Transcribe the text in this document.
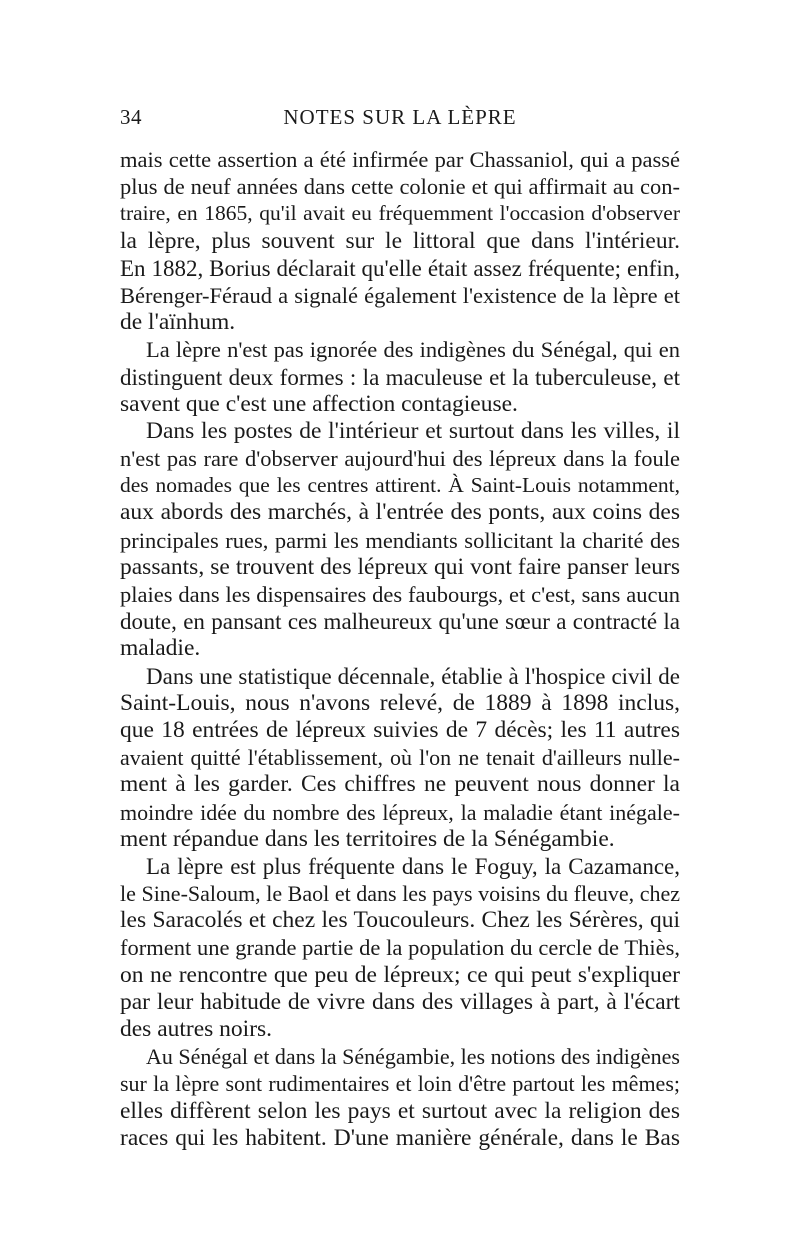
34	NOTES SUR LA LÈPRE
mais cette assertion a été infirmée par Chassaniol, qui a passé
plus de neuf années dans cette colonie et qui affirmait au con-
traire, en 1865, qu'il avait eu fréquemment l'occasion d'observer
la lèpre, plus souvent sur le littoral que dans l'intérieur.
En 1882, Borius déclarait qu'elle était assez fréquente; enfin,
Bérenger-Féraud a signalé également l'existence de la lèpre et
de l'aïnhum.
La lèpre n'est pas ignorée des indigènes du Sénégal, qui en
distinguent deux formes : la maculeuse et la tuberculeuse, et
savent que c'est une affection contagieuse.
Dans les postes de l'intérieur et surtout dans les villes, il
n'est pas rare d'observer aujourd'hui des lépreux dans la foule
des nomades que les centres attirent. À Saint-Louis notamment,
aux abords des marchés, à l'entrée des ponts, aux coins des
principales rues, parmi les mendiants sollicitant la charité des
passants, se trouvent des lépreux qui vont faire panser leurs
plaies dans les dispensaires des faubourgs, et c'est, sans aucun
doute, en pansant ces malheureux qu'une sœur a contracté la
maladie.
Dans une statistique décennale, établie à l'hospice civil de
Saint-Louis, nous n'avons relevé, de 1889 à 1898 inclus,
que 18 entrées de lépreux suivies de 7 décès; les 11 autres
avaient quitté l'établissement, où l'on ne tenait d'ailleurs nulle-
ment à les garder. Ces chiffres ne peuvent nous donner la
moindre idée du nombre des lépreux, la maladie étant inégale-
ment répandue dans les territoires de la Sénégambie.
La lèpre est plus fréquente dans le Foguy, la Cazamance,
le Sine-Saloum, le Baol et dans les pays voisins du fleuve, chez
les Saracolés et chez les Toucouleurs. Chez les Sérères, qui
forment une grande partie de la population du cercle de Thiès,
on ne rencontre que peu de lépreux; ce qui peut s'expliquer
par leur habitude de vivre dans des villages à part, à l'écart
des autres noirs.
Au Sénégal et dans la Sénégambie, les notions des indigènes
sur la lèpre sont rudimentaires et loin d'être partout les mêmes;
elles diffèrent selon les pays et surtout avec la religion des
races qui les habitent. D'une manière générale, dans le Bas
